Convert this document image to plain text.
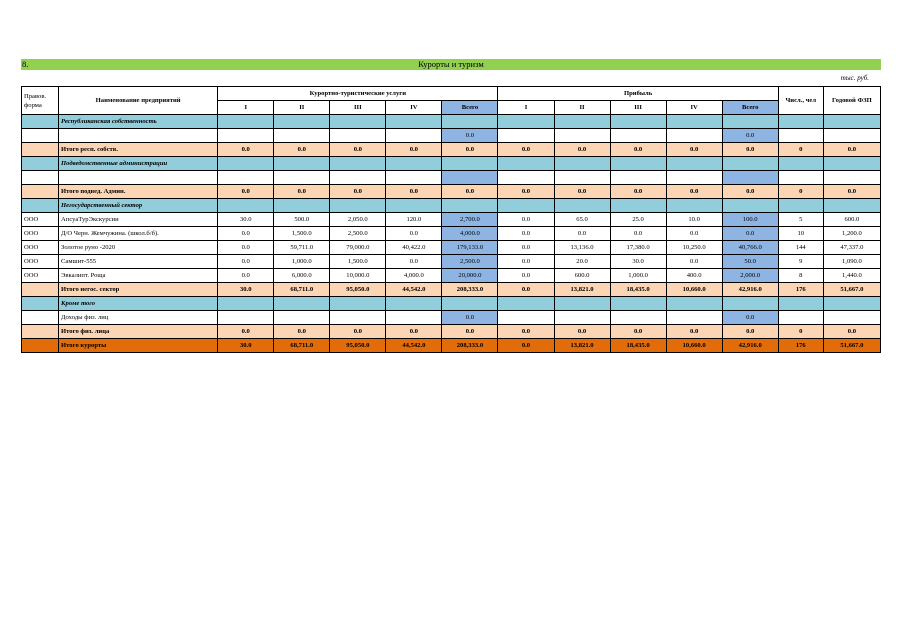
8.	Курорты и туризм
тыс. руб.
Правов. форма	Наименование предприятий	Курортно-туристические услуги					Прибыль					Числ., чел	Годовой ФЗП
		I	II	III	IV	Всего	I	II	III	IV	Всего		
	Республиканская собственность												
						0.0					0.0		
	Итого респ. собств.	0.0	0.0	0.0	0.0	0.0	0.0	0.0	0.0	0.0	0.0	0	0.0
	Подведомственные администрации												

	Итого подвед. Админ.	0.0	0.0	0.0	0.0	0.0	0.0	0.0	0.0	0.0	0.0	0	0.0
	Негосударственный сектор												
ООО	АпсуаТурЭкскурсии	30.0	500.0	2,050.0	120.0	2,700.0	0.0	65.0	25.0	10.0	100.0	5	600.0
ООО	Д/О Черн. Жемчужина. (школ.б/б).	0.0	1,500.0	2,500.0	0.0	4,000.0	0.0	0.0	0.0	0.0	0.0	10	1,200.0
ООО	Золотое руно -2020	0.0	59,711.0	79,000.0	40,422.0	179,133.0	0.0	13,136.0	17,380.0	10,250.0	40,766.0	144	47,337.0
ООО	Самшит-555	0.0	1,000.0	1,500.0	0.0	2,500.0	0.0	20.0	30.0	0.0	50.0	9	1,090.0
ООО	Эвкалипт. Роща	0.0	6,000.0	10,000.0	4,000.0	20,000.0	0.0	600.0	1,000.0	400.0	2,000.0	8	1,440.0
	Итого негос. сектор	30.0	68,711.0	95,050.0	44,542.0	208,333.0	0.0	13,821.0	18,435.0	10,660.0	42,916.0	176	51,667.0
	Кроме того												
	Доходы физ. лиц					0.0					0.0		
	Итого физ. лица	0.0	0.0	0.0	0.0	0.0	0.0	0.0	0.0	0.0	0.0	0	0.0
	Итого курорты	30.0	68,711.0	95,050.0	44,542.0	208,333.0	0.0	13,821.0	18,435.0	10,660.0	42,916.0	176	51,667.0
